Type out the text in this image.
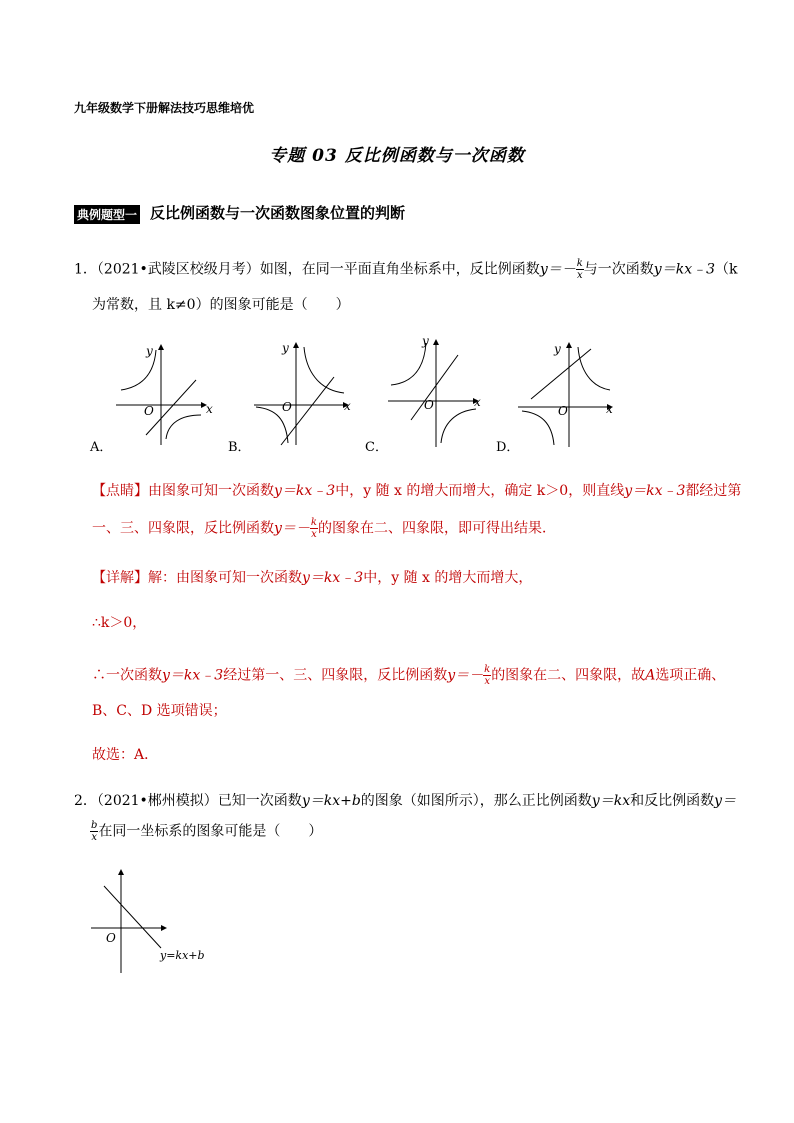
九年级数学下册解法技巧思维培优
专题 03 反比例函数与一次函数
典例题型一 反比例函数与一次函数图象位置的判断
1．（2021•武陵区校级月考）如图，在同一平面直角坐标系中，反比例函数$y=- \frac{k}{x}$ 与一次函数y＝kx﹣3（k
为常数，且 k≠0）的图象可能是（　　）
x
y
O	x
y
O	x
y
O	x
y
O
A．	B．	C．	D．
【点睛】由图象可知一次函数y＝kx﹣3中，y 随 x 的增大而增大，确定 k＞0，则直线y＝kx﹣3都经过第
一、三、四象限，反比例函数$y=- \frac{k}{x}$ 的图象在二、四象限，即可得出结果．
【详解】解：由图象可知一次函数y＝kx﹣3中，y 随 x 的增大而增大，
∴k＞0，
∴一次函数y＝kx﹣3经过第一、三、四象限，反比例函数$y=- \frac{k}{x}$ 的图象在二、四象限，故A选项正确、
B、C、D 选项错误；
故选：A．
2．（2021•郴州模拟）已知一次函数y＝kx+b的图象（如图所示），那么正比例函数y＝kx和反比例函数y＝
$\frac{b}{x}$ 在同一坐标系的图象可能是（　　）
O
y=kx+b
